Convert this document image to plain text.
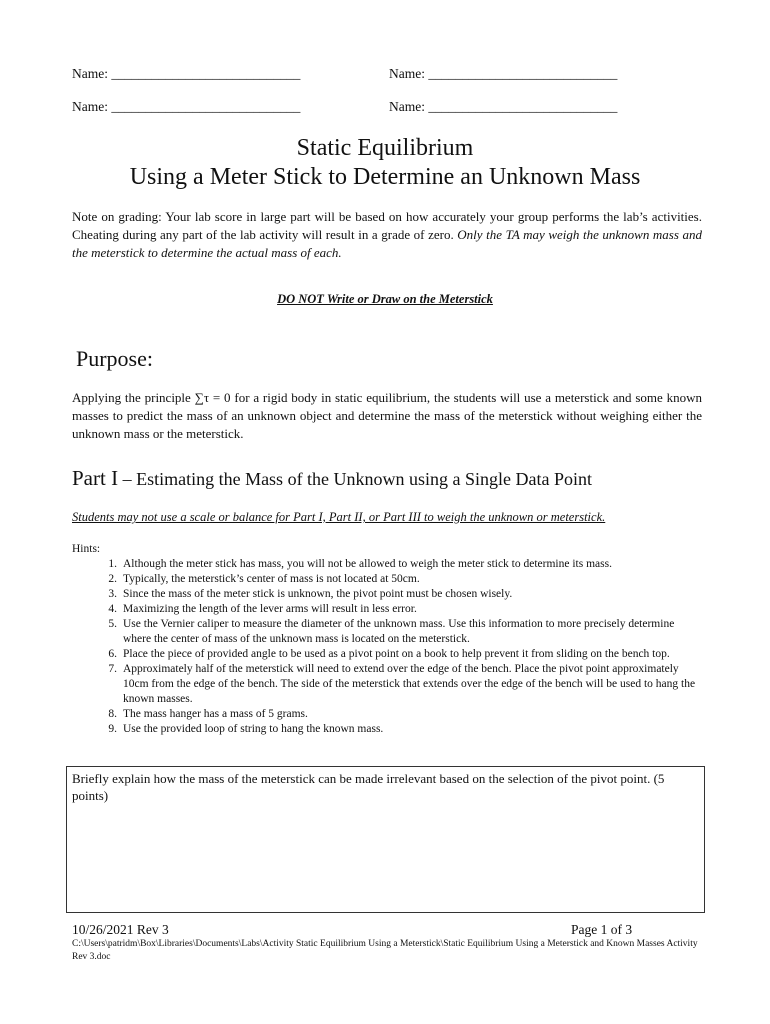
Name: ____________________________	Name: ____________________________
Name: ____________________________	Name: ____________________________
Static Equilibrium
Using a Meter Stick to Determine an Unknown Mass
Note on grading: Your lab score in large part will be based on how accurately your group performs the lab’s activities. Cheating during any part of the lab activity will result in a grade of zero. Only the TA may weigh the unknown mass and the meterstick to determine the actual mass of each.
DO NOT Write or Draw on the Meterstick
Purpose:
Applying the principle ∑τ = 0 for a rigid body in static equilibrium, the students will use a meterstick and some known masses to predict the mass of an unknown object and determine the mass of the meterstick without weighing either the unknown mass or the meterstick.
Part I – Estimating the Mass of the Unknown using a Single Data Point
Students may not use a scale or balance for Part I, Part II, or Part III to weigh the unknown or meterstick.
Hints:
1. Although the meter stick has mass, you will not be allowed to weigh the meter stick to determine its mass.
2. Typically, the meterstick’s center of mass is not located at 50cm.
3. Since the mass of the meter stick is unknown, the pivot point must be chosen wisely.
4. Maximizing the length of the lever arms will result in less error.
5. Use the Vernier caliper to measure the diameter of the unknown mass. Use this information to more precisely determine where the center of mass of the unknown mass is located on the meterstick.
6. Place the piece of provided angle to be used as a pivot point on a book to help prevent it from sliding on the bench top.
7. Approximately half of the meterstick will need to extend over the edge of the bench. Place the pivot point approximately 10cm from the edge of the bench. The side of the meterstick that extends over the edge of the bench will be used to hang the known masses.
8. The mass hanger has a mass of 5 grams.
9. Use the provided loop of string to hang the known mass.
Briefly explain how the mass of the meterstick can be made irrelevant based on the selection of the pivot point. (5 points)
10/26/2021 Rev 3	Page 1 of 3
C:\Users\patridm\Box\Libraries\Documents\Labs\Activity Static Equilibrium Using a Meterstick\Static Equilibrium Using a Meterstick and Known Masses Activity Rev 3.doc
